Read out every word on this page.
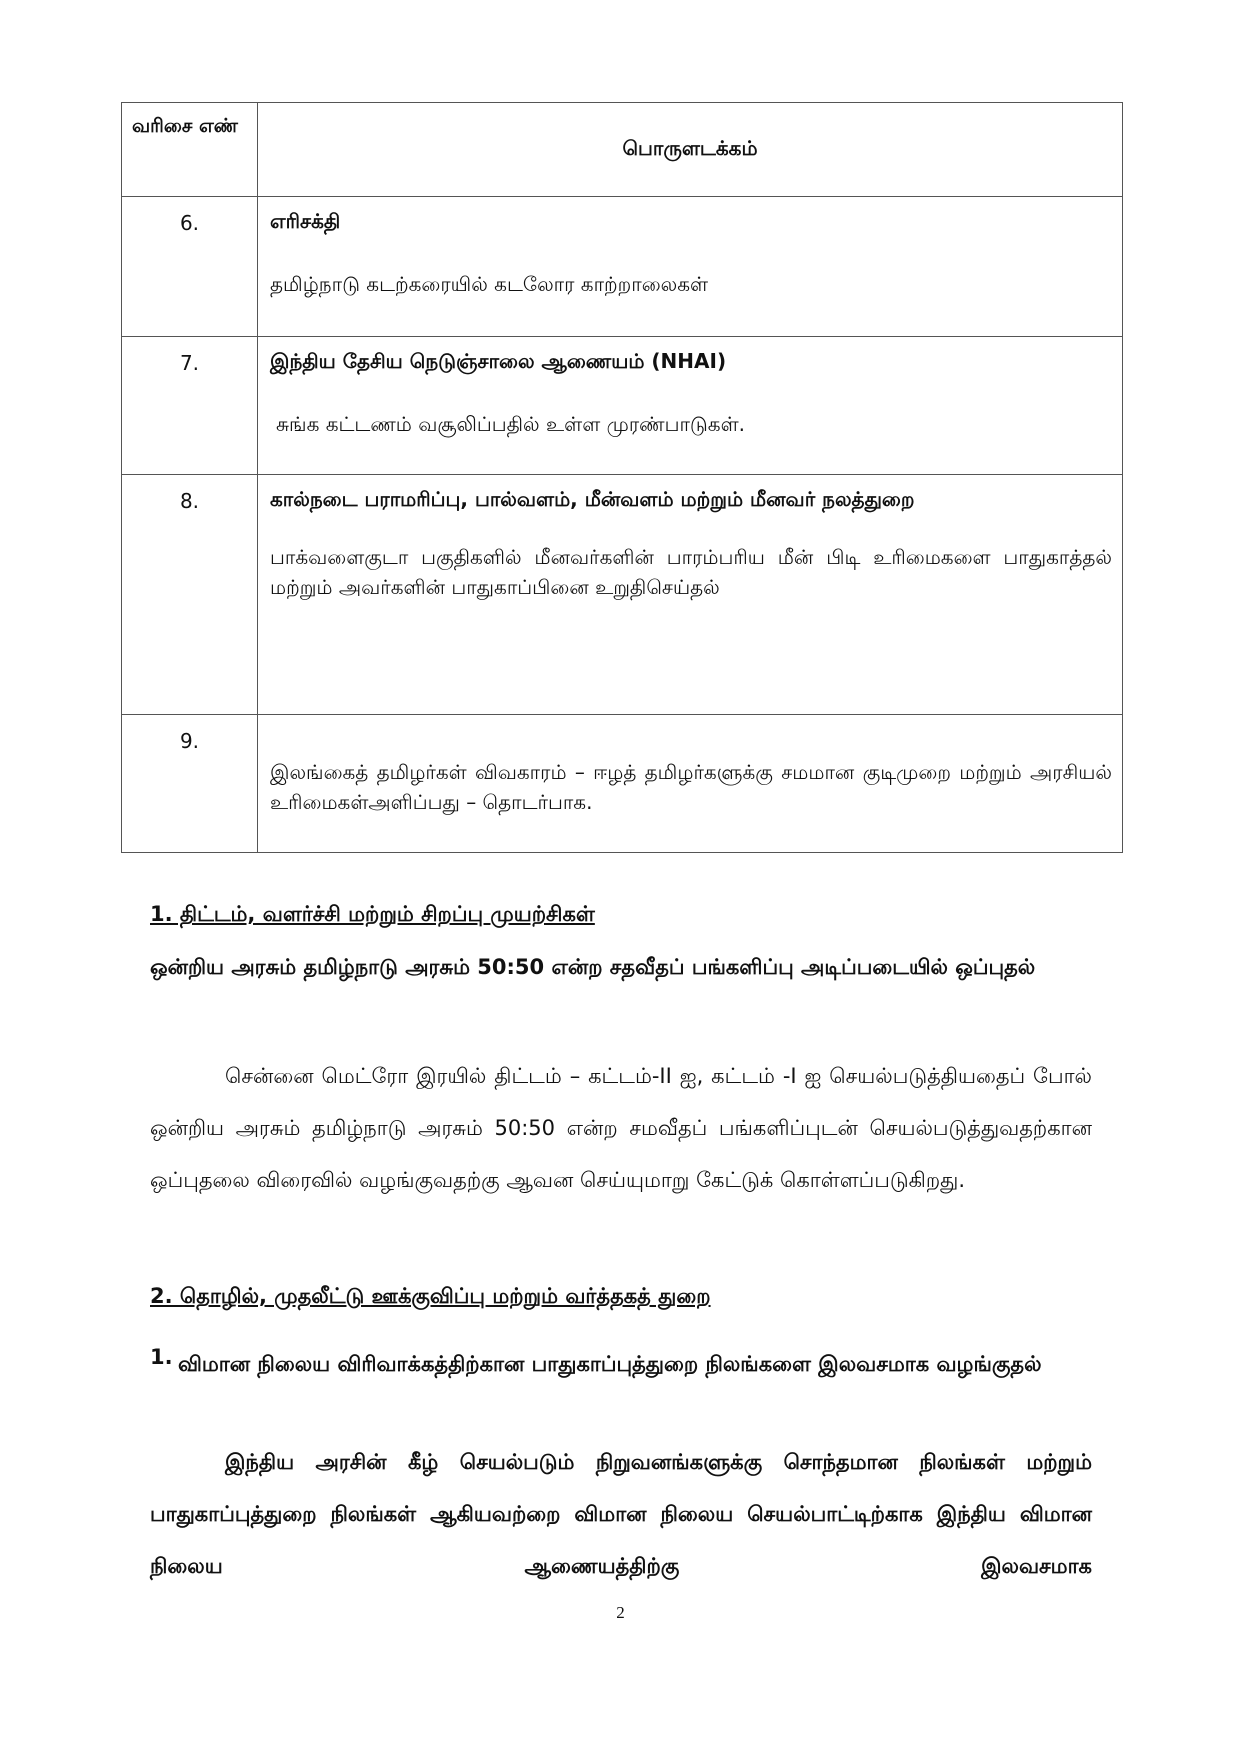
வரிசை எண்	பொருளடக்கம்
6.	எரிசக்தி
தமிழ்நாடு கடற்கரையில் கடலோர காற்றாலைகள்

7.	இந்திய தேசிய நெடுஞ்சாலை ஆணையம் (NHAI)
சுங்க கட்டணம் வசூலிப்பதில் உள்ள முரண்பாடுகள்.

8.	கால்நடை பராமரிப்பு, பால்வளம், மீன்வளம் மற்றும் மீனவர் நலத்துறை
பாக்வளைகுடா பகுதிகளில் மீனவர்களின் பாரம்பரிய மீன் பிடி உரிமைகளை பாதுகாத்தல் மற்றும் அவர்களின் பாதுகாப்பினை உறுதிசெய்தல்

9.	இலங்கைத் தமிழர்கள் விவகாரம் – ஈழத் தமிழர்களுக்கு சமமான குடிமுறை மற்றும் அரசியல் உரிமைகள்அளிப்பது – தொடர்பாக.
1. திட்டம், வளர்ச்சி மற்றும் சிறப்பு முயற்சிகள்
ஒன்றிய அரசும் தமிழ்நாடு அரசும் 50:50 என்ற சதவீதப் பங்களிப்பு அடிப்படையில் ஒப்புதல்
சென்னை மெட்ரோ இரயில் திட்டம் – கட்டம்-II ஐ, கட்டம் -I ஐ செயல்படுத்தியதைப் போல் ஒன்றிய அரசும் தமிழ்நாடு அரசும் 50:50 என்ற சமவீதப் பங்களிப்புடன் செயல்படுத்துவதற்கான ஒப்புதலை விரைவில் வழங்குவதற்கு ஆவன செய்யுமாறு கேட்டுக் கொள்ளப்படுகிறது.
2. தொழில், முதலீட்டு ஊக்குவிப்பு மற்றும் வர்த்தகத் துறை
1. விமான நிலைய விரிவாக்கத்திற்கான பாதுகாப்புத்துறை நிலங்களை இலவசமாக வழங்குதல்
இந்திய அரசின் கீழ் செயல்படும் நிறுவனங்களுக்கு சொந்தமான நிலங்கள் மற்றும் பாதுகாப்புத்துறை நிலங்கள் ஆகியவற்றை விமான நிலைய செயல்பாட்டிற்காக இந்திய விமான நிலைய ஆணையத்திற்கு இலவசமாக
2
